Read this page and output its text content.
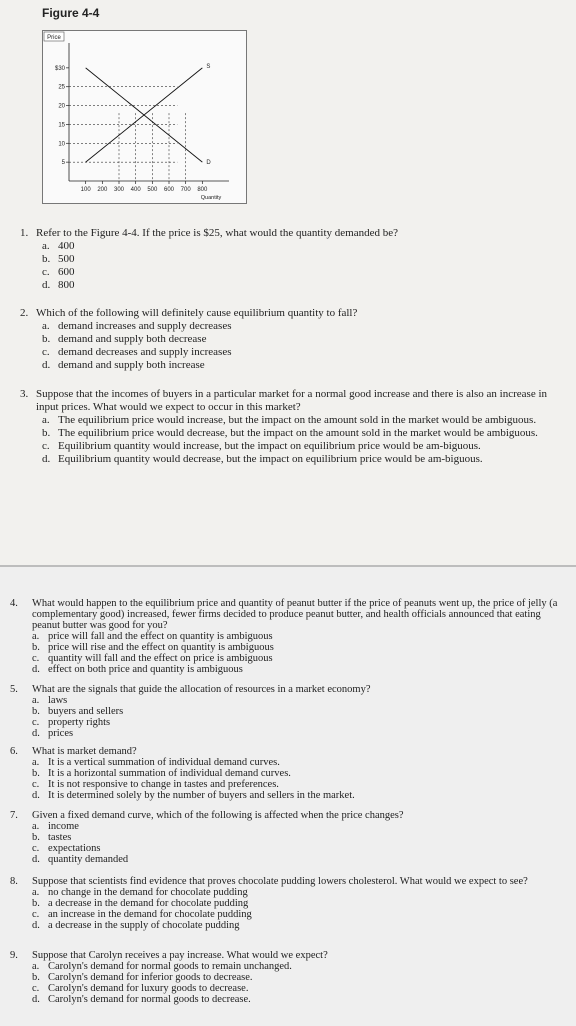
Figure 4-4
Price
$30
25
20
15
10
5
100 200 300 400 500 600 700 800
Quantity
S
D
1. Refer to the Figure 4-4. If the price is $25, what would the quantity demanded be?
a. 400
b. 500
c. 600
d. 800
2. Which of the following will definitely cause equilibrium quantity to fall?
a. demand increases and supply decreases
b. demand and supply both decrease
c. demand decreases and supply increases
d. demand and supply both increase
3. Suppose that the incomes of buyers in a particular market for a normal good increase and there is also an increase in input prices. What would we expect to occur in this market?
a. The equilibrium price would increase, but the impact on the amount sold in the market would be ambiguous.
b. The equilibrium price would decrease, but the impact on the amount sold in the market would be ambiguous.
c. Equilibrium quantity would increase, but the impact on equilibrium price would be am-biguous.
d. Equilibrium quantity would decrease, but the impact on equilibrium price would be am-biguous.
4.	What would happen to the equilibrium price and quantity of peanut butter if the price of peanuts went up, the price of jelly (a complementary good) increased, fewer firms decided to produce peanut butter, and health officials announced that eating peanut butter was good for you?
a. price will fall and the effect on quantity is ambiguous
b. price will rise and the effect on quantity is ambiguous
c. quantity will fall and the effect on price is ambiguous
d. effect on both price and quantity is ambiguous
5.	What are the signals that guide the allocation of resources in a market economy?
a. laws
b. buyers and sellers
c. property rights
d. prices
6.	What is market demand?
a. It is a vertical summation of individual demand curves.
b. It is a horizontal summation of individual demand curves.
c. It is not responsive to change in tastes and preferences.
d. It is determined solely by the number of buyers and sellers in the market.
7.	Given a fixed demand curve, which of the following is affected when the price changes?
a. income
b. tastes
c. expectations
d. quantity demanded
8.	Suppose that scientists find evidence that proves chocolate pudding lowers cholesterol. What would we expect to see?
a. no change in the demand for chocolate pudding
b. a decrease in the demand for chocolate pudding
c. an increase in the demand for chocolate pudding
d. a decrease in the supply of chocolate pudding
9.	Suppose that Carolyn receives a pay increase. What would we expect?
a. Carolyn's demand for normal goods to remain unchanged.
b. Carolyn's demand for inferior goods to decrease.
c. Carolyn's demand for luxury goods to decrease.
d. Carolyn's demand for normal goods to decrease.
